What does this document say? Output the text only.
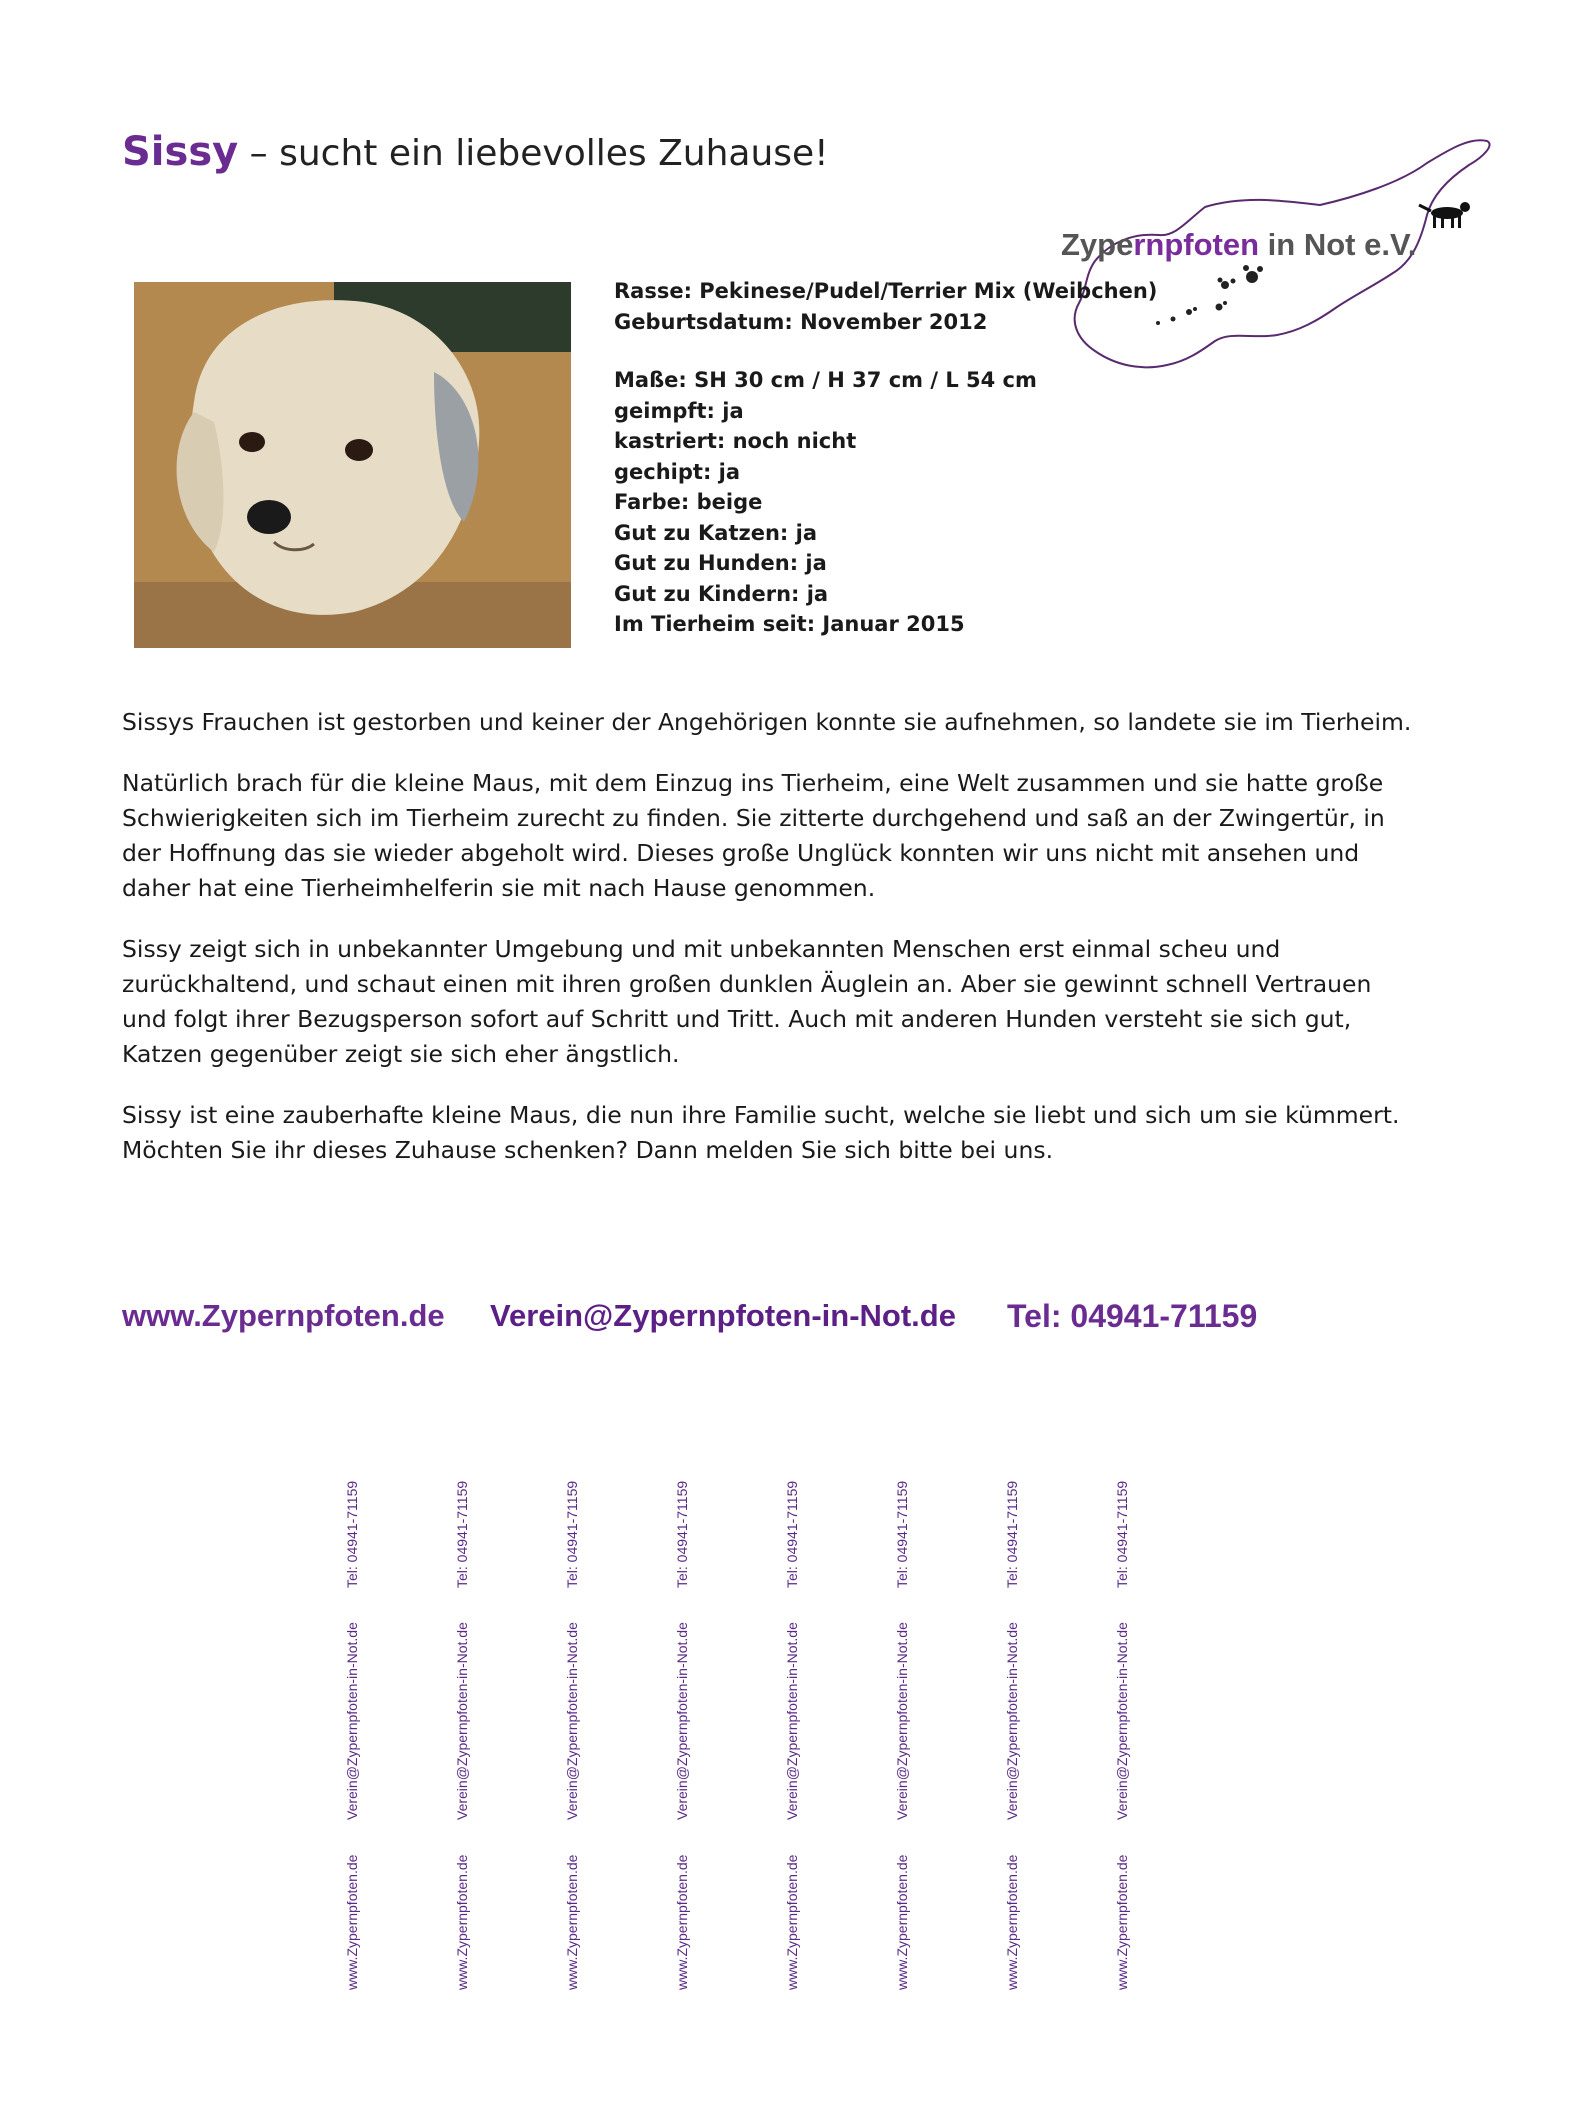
Sissy – sucht ein liebevolles Zuhause!
Zypernpfoten in Not e.V.
Rasse: Pekinese/Pudel/Terrier Mix (Weibchen)
Geburtsdatum: November 2012
Maße: SH 30 cm / H 37 cm / L 54 cm
geimpft: ja
kastriert: noch nicht
gechipt: ja
Farbe: beige
Gut zu Katzen: ja
Gut zu Hunden: ja
Gut zu Kindern: ja
Im Tierheim seit: Januar 2015

Sissys Frauchen ist gestorben und keiner der Angehörigen konnte sie aufnehmen, so landete sie im Tierheim.

Natürlich brach für die kleine Maus, mit dem Einzug ins Tierheim, eine Welt zusammen und sie hatte große Schwierigkeiten sich im Tierheim zurecht zu finden. Sie zitterte durchgehend und saß an der Zwingertür, in der Hoffnung das sie wieder abgeholt wird. Dieses große Unglück konnten wir uns nicht mit ansehen und daher hat eine Tierheimhelferin sie mit nach Hause genommen.

Sissy zeigt sich in unbekannter Umgebung und mit unbekannten Menschen erst einmal scheu und zurückhaltend, und schaut einen mit ihren großen dunklen Äuglein an. Aber sie gewinnt schnell Vertrauen und folgt ihrer Bezugsperson sofort auf Schritt und Tritt. Auch mit anderen Hunden versteht sie sich gut, Katzen gegenüber zeigt sie sich eher ängstlich.

Sissy ist eine zauberhafte kleine Maus, die nun ihre Familie sucht, welche sie liebt und sich um sie kümmert. Möchten Sie ihr dieses Zuhause schenken? Dann melden Sie sich bitte bei uns.

www.Zypernpfoten.de Verein@Zypernpfoten-in-Not.de Tel: 04941-71159
Tel: 04941-71159
Verein@Zypernpfoten-in-Not.de
www.Zypernpfoten.de
Tel: 04941-71159
Verein@Zypernpfoten-in-Not.de
www.Zypernpfoten.de
Tel: 04941-71159
Verein@Zypernpfoten-in-Not.de
www.Zypernpfoten.de
Tel: 04941-71159
Verein@Zypernpfoten-in-Not.de
www.Zypernpfoten.de
Tel: 04941-71159
Verein@Zypernpfoten-in-Not.de
www.Zypernpfoten.de
Tel: 04941-71159
Verein@Zypernpfoten-in-Not.de
www.Zypernpfoten.de
Tel: 04941-71159
Verein@Zypernpfoten-in-Not.de
www.Zypernpfoten.de
Tel: 04941-71159
Verein@Zypernpfoten-in-Not.de
www.Zypernpfoten.de
